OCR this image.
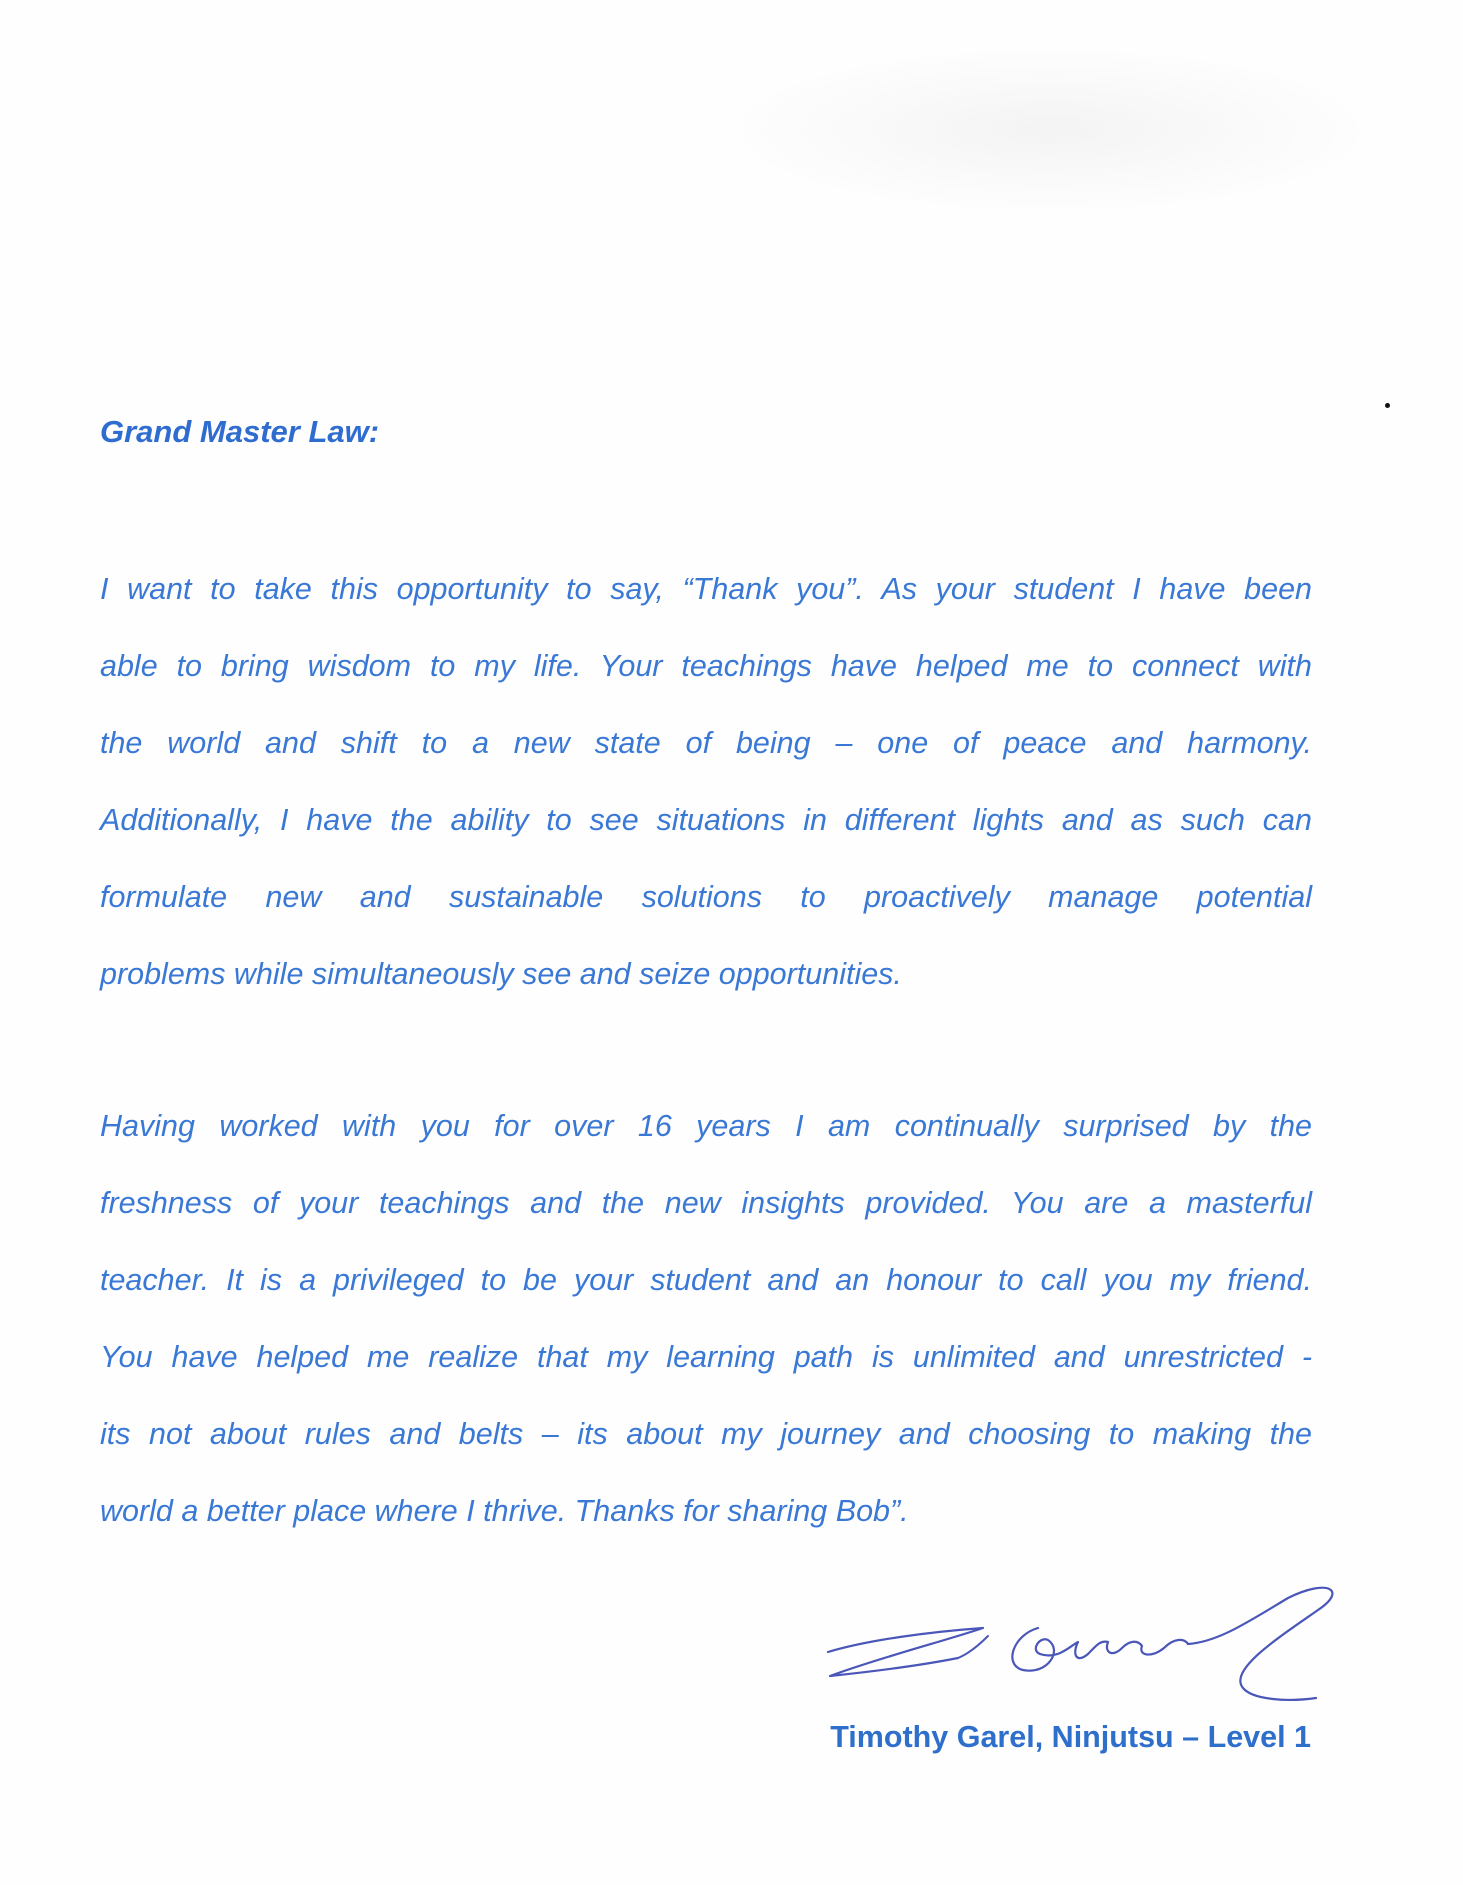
Grand Master Law:

I want to take this opportunity to say, “Thank you”. As your student I have been
able to bring wisdom to my life. Your teachings have helped me to connect with
the world and shift to a new state of being – one of peace and harmony.
Additionally, I have the ability to see situations in different lights and as such can
formulate new and sustainable solutions to proactively manage potential
problems while simultaneously see and seize opportunities.

Having worked with you for over 16 years I am continually surprised by the
freshness of your teachings and the new insights provided. You are a masterful
teacher. It is a privileged to be your student and an honour to call you my friend.
You have helped me realize that my learning path is unlimited and unrestricted -
its not about rules and belts – its about my journey and choosing to making the
world a better place where I thrive. Thanks for sharing Bob”.

Timothy Garel, Ninjutsu – Level 1
